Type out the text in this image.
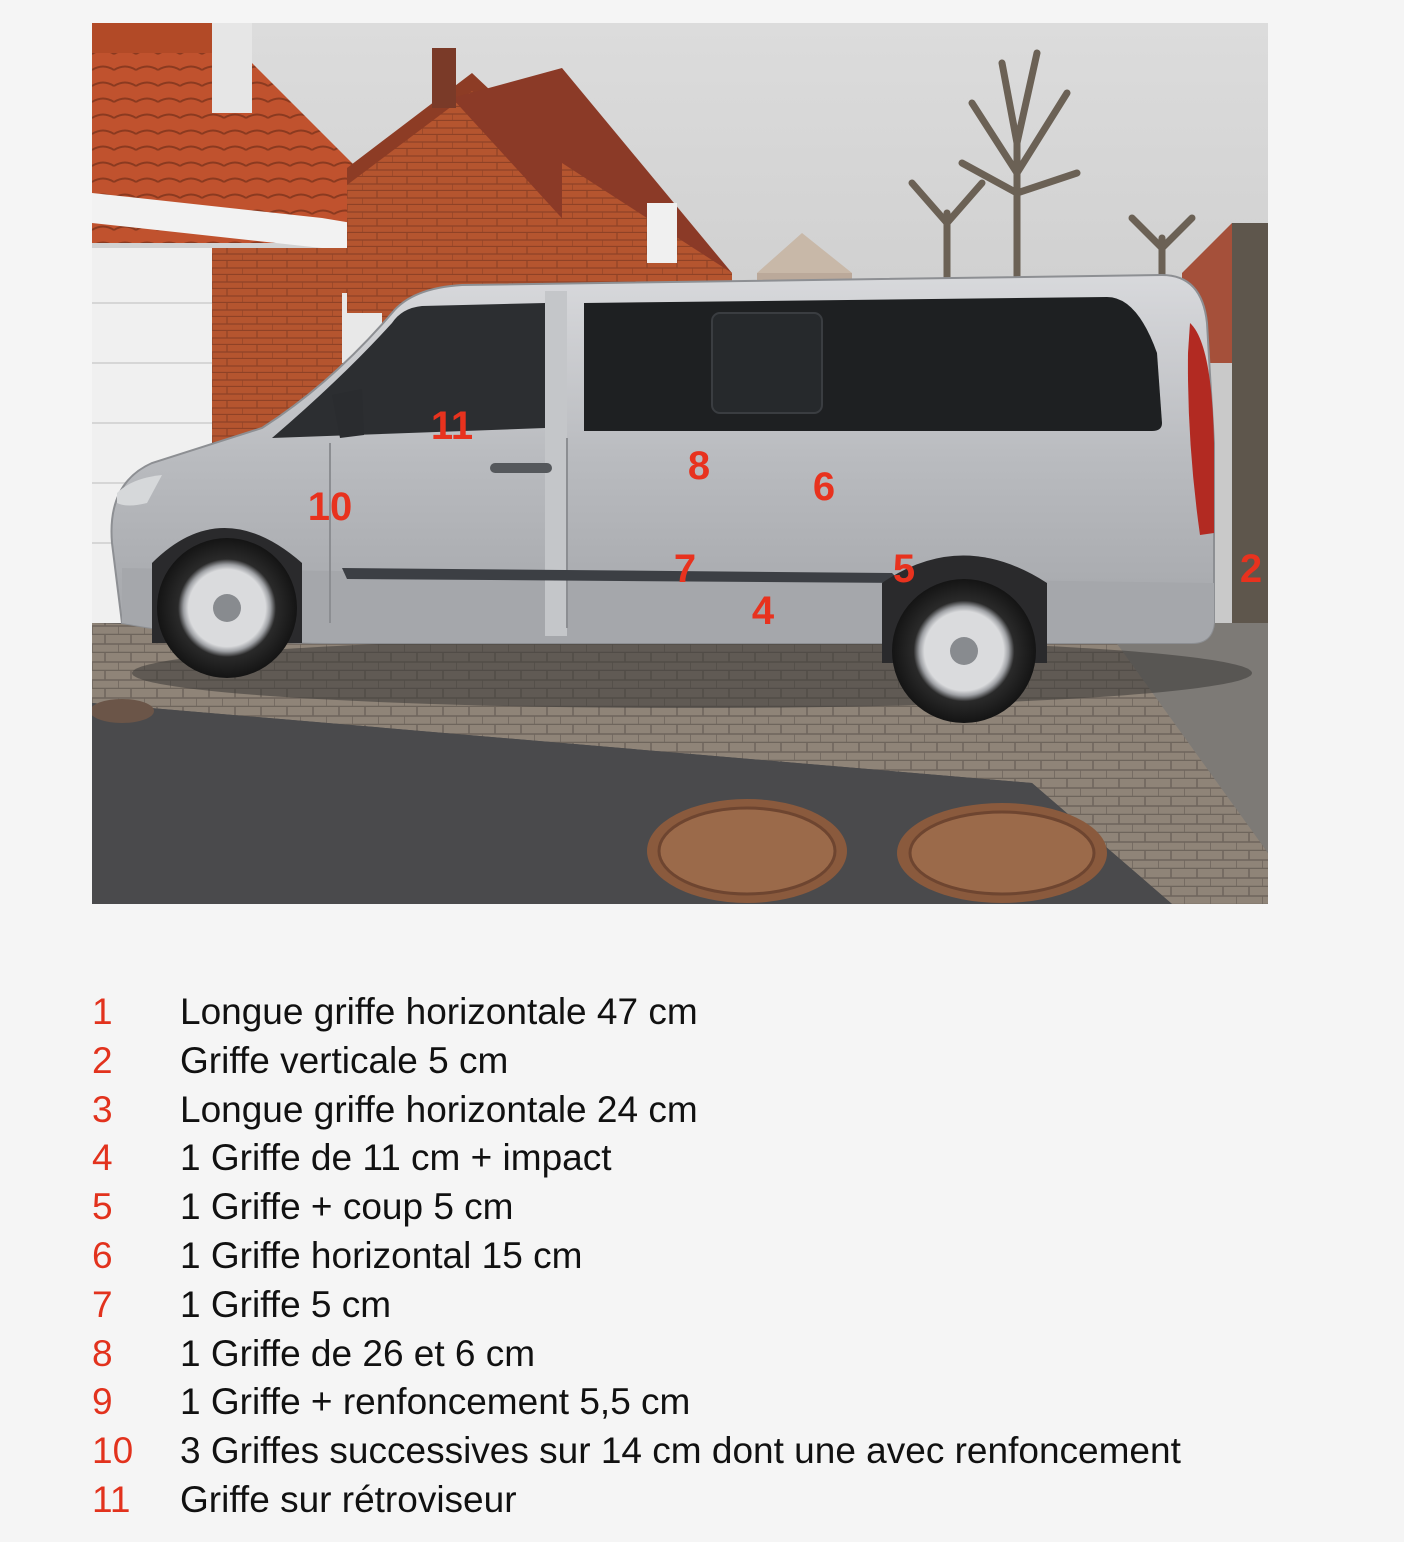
11
8	6
10
7	5	2
4
1 Longue griffe horizontale 47 cm
2 Griffe verticale 5 cm
3 Longue griffe horizontale 24 cm
4 1 Griffe de 11 cm + impact
5 1 Griffe + coup 5 cm
6 1 Griffe horizontal 15 cm
7 1 Griffe 5 cm
8 1 Griffe de 26 et 6 cm
9 1 Griffe + renfoncement 5,5 cm
10 3 Griffes successives sur 14 cm dont une avec renfoncement
11 Griffe sur rétroviseur
